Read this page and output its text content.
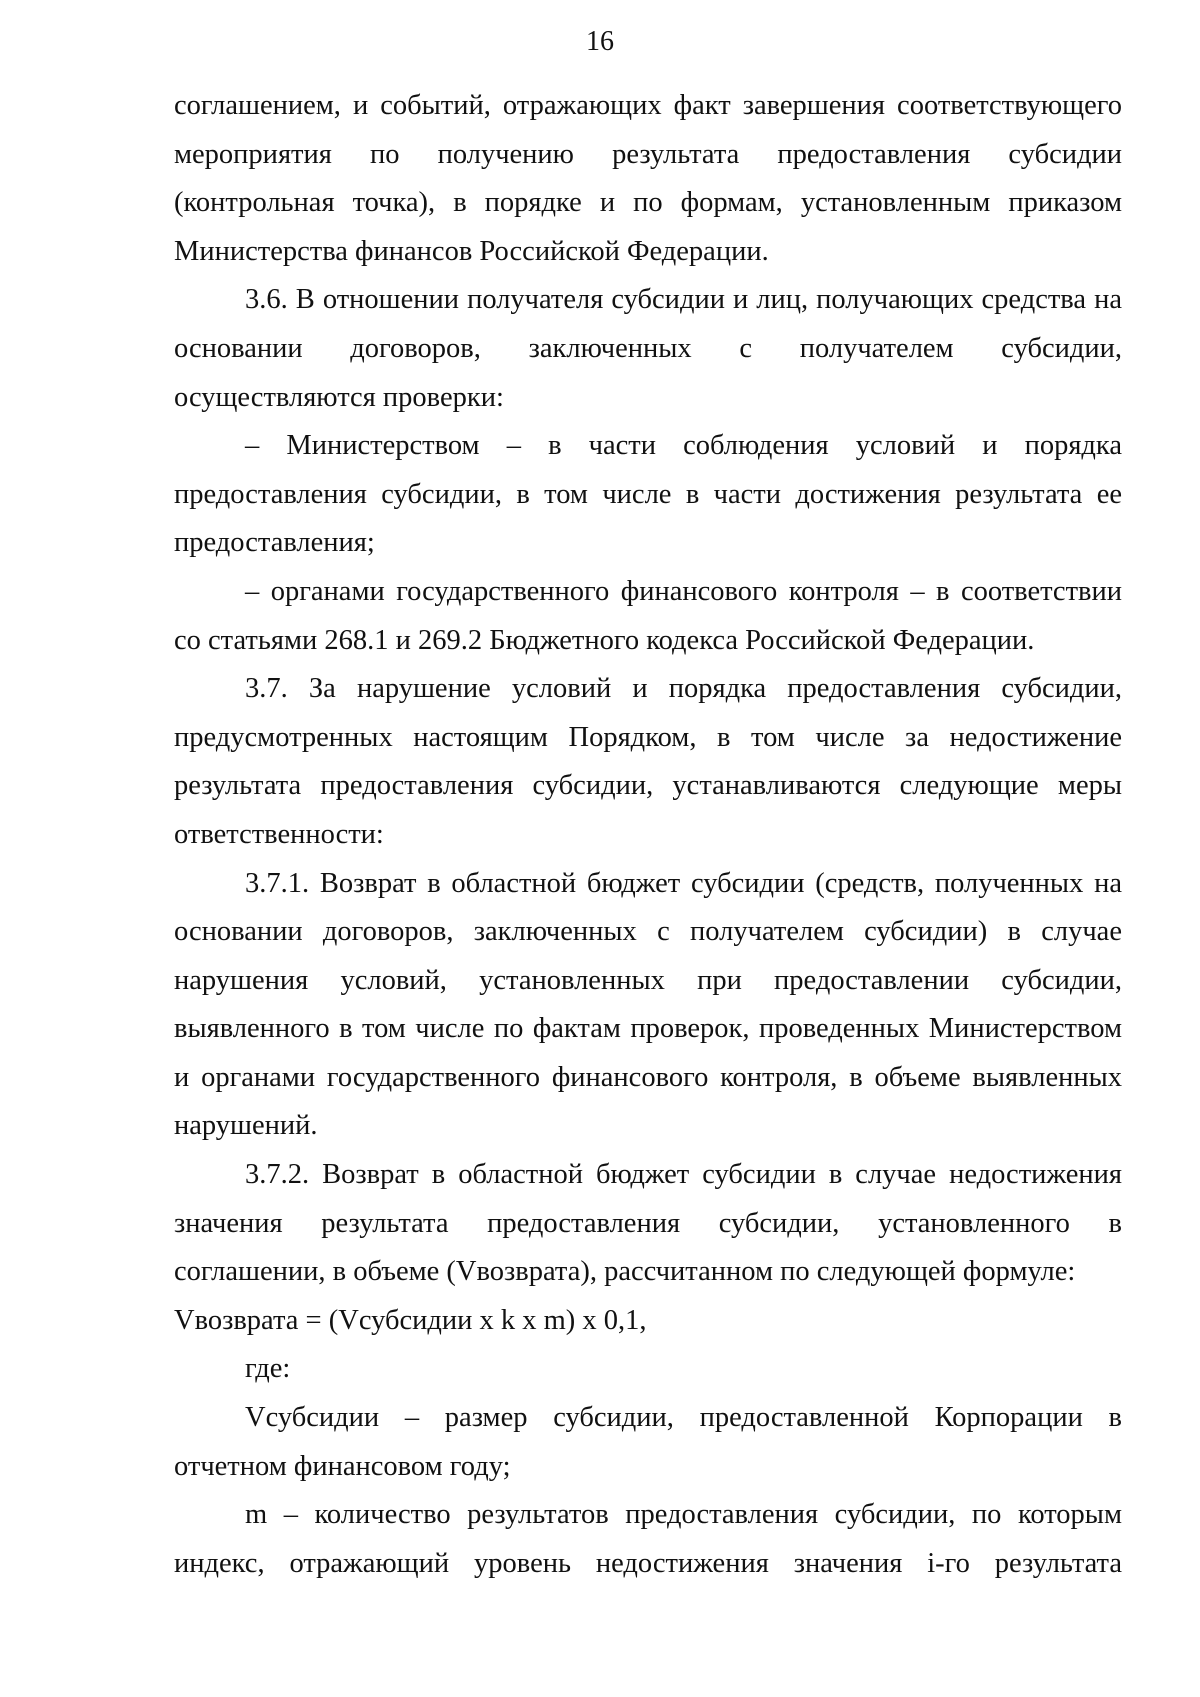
16

соглашением, и событий, отражающих факт завершения соответствующего мероприятия по получению результата предоставления субсидии (контрольная точка), в порядке и по формам, установленным приказом Министерства финансов Российской Федерации.

3.6. В отношении получателя субсидии и лиц, получающих средства на основании договоров, заключенных с получателем субсидии, осуществляются проверки:

– Министерством – в части соблюдения условий и порядка предоставления субсидии, в том числе в части достижения результата ее предоставления;

– органами государственного финансового контроля – в соответствии со статьями 268.1 и 269.2 Бюджетного кодекса Российской Федерации.

3.7. За нарушение условий и порядка предоставления субсидии, предусмотренных настоящим Порядком, в том числе за недостижение результата предоставления субсидии, устанавливаются следующие меры ответственности:

3.7.1. Возврат в областной бюджет субсидии (средств, полученных на основании договоров, заключенных с получателем субсидии) в случае нарушения условий, установленных при предоставлении субсидии, выявленного в том числе по фактам проверок, проведенных Министерством и органами государственного финансового контроля, в объеме выявленных нарушений.

3.7.2. Возврат в областной бюджет субсидии в случае недостижения значения результата предоставления субсидии, установленного в соглашении, в объеме (Vвозврата), рассчитанном по следующей формуле:

Vвозврата = (Vсубсидии x k x m) x 0,1,

где:

Vсубсидии – размер субсидии, предоставленной Корпорации в отчетном финансовом году;

m – количество результатов предоставления субсидии, по которым индекс, отражающий уровень недостижения значения i-го результата
